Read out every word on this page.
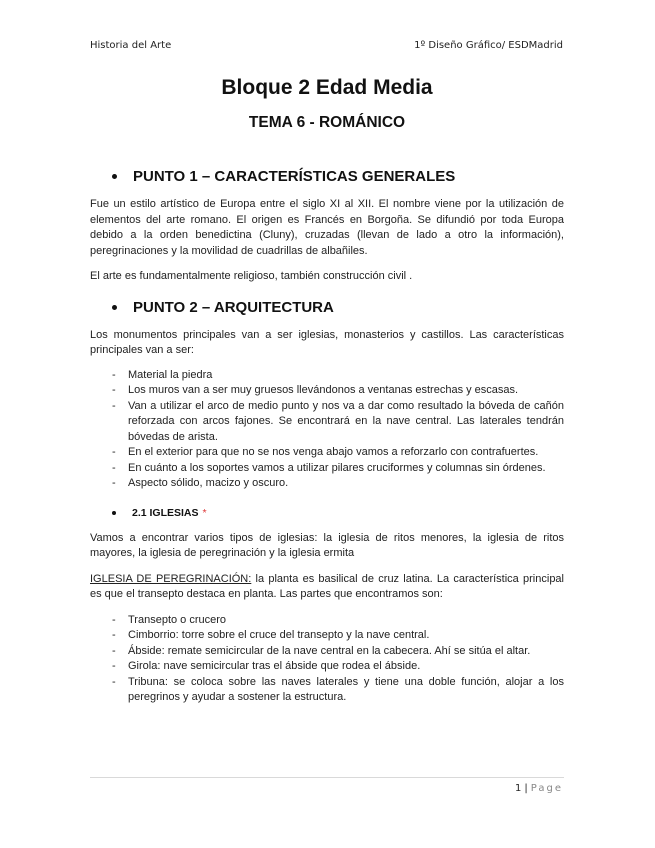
Historia del Arte	1º Diseño Gráfico/ ESDMadrid
Bloque 2 Edad Media
TEMA 6 - ROMÁNICO
PUNTO 1 – CARACTERÍSTICAS GENERALES

Fue un estilo artístico de Europa entre el siglo XI al XII. El nombre viene por la utilización de elementos del arte romano. El origen es Francés en Borgoña. Se difundió por toda Europa debido a la orden benedictina (Cluny), cruzadas (llevan de lado a otro la información), peregrinaciones y la movilidad de cuadrillas de albañiles.

El arte es fundamentalmente religioso, también construcción civil .

PUNTO 2 – ARQUITECTURA

Los monumentos principales van a ser iglesias, monasterios y castillos. Las características principales van a ser:

- Material la piedra
- Los muros van a ser muy gruesos llevándonos a ventanas estrechas y escasas.
- Van a utilizar el arco de medio punto y nos va a dar como resultado la bóveda de cañón reforzada con arcos fajones. Se encontrará en la nave central. Las laterales tendrán bóvedas de arista.
- En el exterior para que no se nos venga abajo vamos a reforzarlo con contrafuertes.
- En cuánto a los soportes vamos a utilizar pilares cruciformes y columnas sin órdenes.
- Aspecto sólido, macizo y oscuro.
2.1 IGLESIAS *

Vamos a encontrar varios tipos de iglesias: la iglesia de ritos menores, la iglesia de ritos mayores, la iglesia de peregrinación y la iglesia ermita

IGLESIA DE PEREGRINACIÓN: la planta es basilical de cruz latina. La característica principal es que el transepto destaca en planta. Las partes que encontramos son:

- Transepto o crucero
- Cimborrio: torre sobre el cruce del transepto y la nave central.
- Ábside: remate semicircular de la nave central en la cabecera. Ahí se sitúa el altar.
- Girola: nave semicircular tras el ábside que rodea el ábside.
- Tribuna: se coloca sobre las naves laterales y tiene una doble función, alojar a los peregrinos y ayudar a sostener la estructura.
1 | Page
